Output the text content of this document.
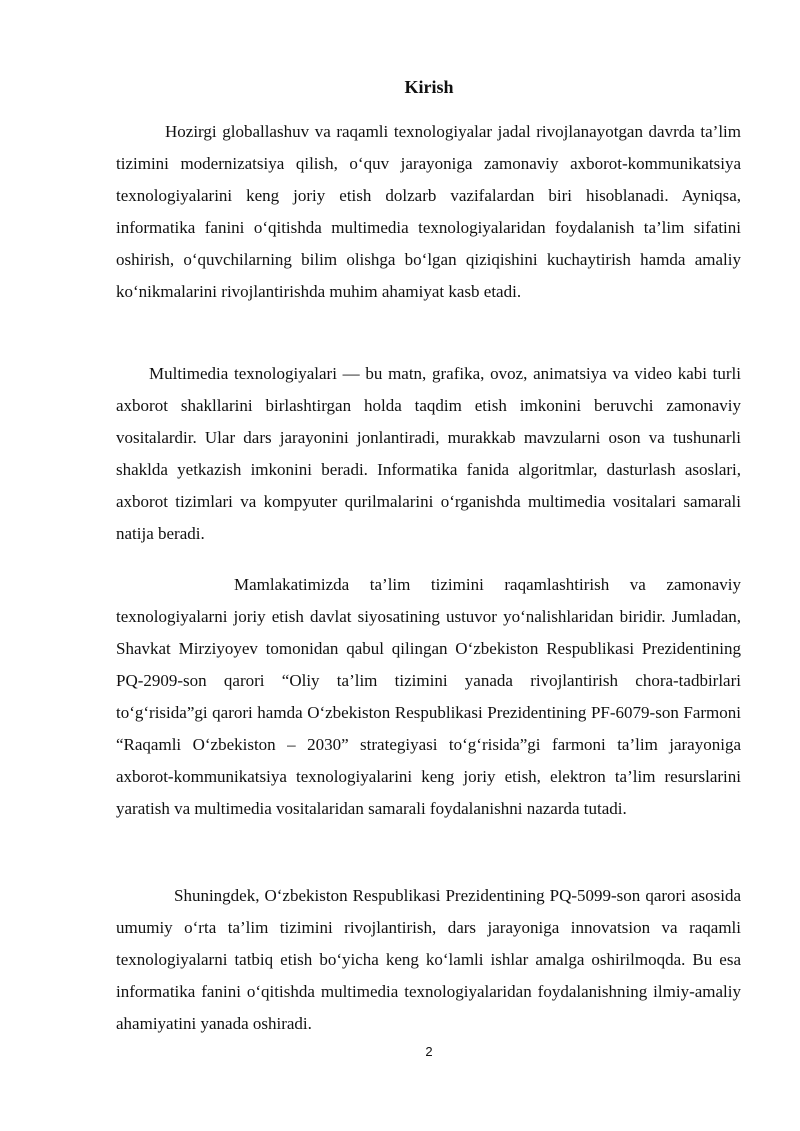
Kirish

Hozirgi globallashuv va raqamli texnologiyalar jadal rivojlanayotgan davrda ta’lim tizimini modernizatsiya qilish, o‘quv jarayoniga zamonaviy axborot-kommunikatsiya texnologiyalarini keng joriy etish dolzarb vazifalardan biri hisoblanadi. Ayniqsa, informatika fanini o‘qitishda multimedia texnologiyalaridan foydalanish ta’lim sifatini oshirish, o‘quvchilarning bilim olishga bo‘lgan qiziqishini kuchaytirish hamda amaliy ko‘nikmalarini rivojlantirishda muhim ahamiyat kasb etadi.

Multimedia texnologiyalari — bu matn, grafika, ovoz, animatsiya va video kabi turli axborot shakllarini birlashtirgan holda taqdim etish imkonini beruvchi zamonaviy vositalardir. Ular dars jarayonini jonlantiradi, murakkab mavzularni oson va tushunarli shaklda yetkazish imkonini beradi. Informatika fanida algoritmlar, dasturlash asoslari, axborot tizimlari va kompyuter qurilmalarini o‘rganishda multimedia vositalari samarali natija beradi.

Mamlakatimizda ta’lim tizimini raqamlashtirish va zamonaviy texnologiyalarni joriy etish davlat siyosatining ustuvor yo‘nalishlaridan biridir. Jumladan, Shavkat Mirziyoyev tomonidan qabul qilingan O‘zbekiston Respublikasi Prezidentining PQ-2909-son qarori “Oliy ta’lim tizimini yanada rivojlantirish chora-tadbirlari to‘g‘risida”gi qarori hamda O‘zbekiston Respublikasi Prezidentining PF-6079-son Farmoni “Raqamli O‘zbekiston – 2030” strategiyasi to‘g‘risida”gi farmoni ta’lim jarayoniga axborot-kommunikatsiya texnologiyalarini keng joriy etish, elektron ta’lim resurslarini yaratish va multimedia vositalaridan samarali foydalanishni nazarda tutadi.

Shuningdek, O‘zbekiston Respublikasi Prezidentining PQ-5099-son qarori asosida umumiy o‘rta ta’lim tizimini rivojlantirish, dars jarayoniga innovatsion va raqamli texnologiyalarni tatbiq etish bo‘yicha keng ko‘lamli ishlar amalga oshirilmoqda. Bu esa informatika fanini o‘qitishda multimedia texnologiyalaridan foydalanishning ilmiy-amaliy ahamiyatini yanada oshiradi.

2
